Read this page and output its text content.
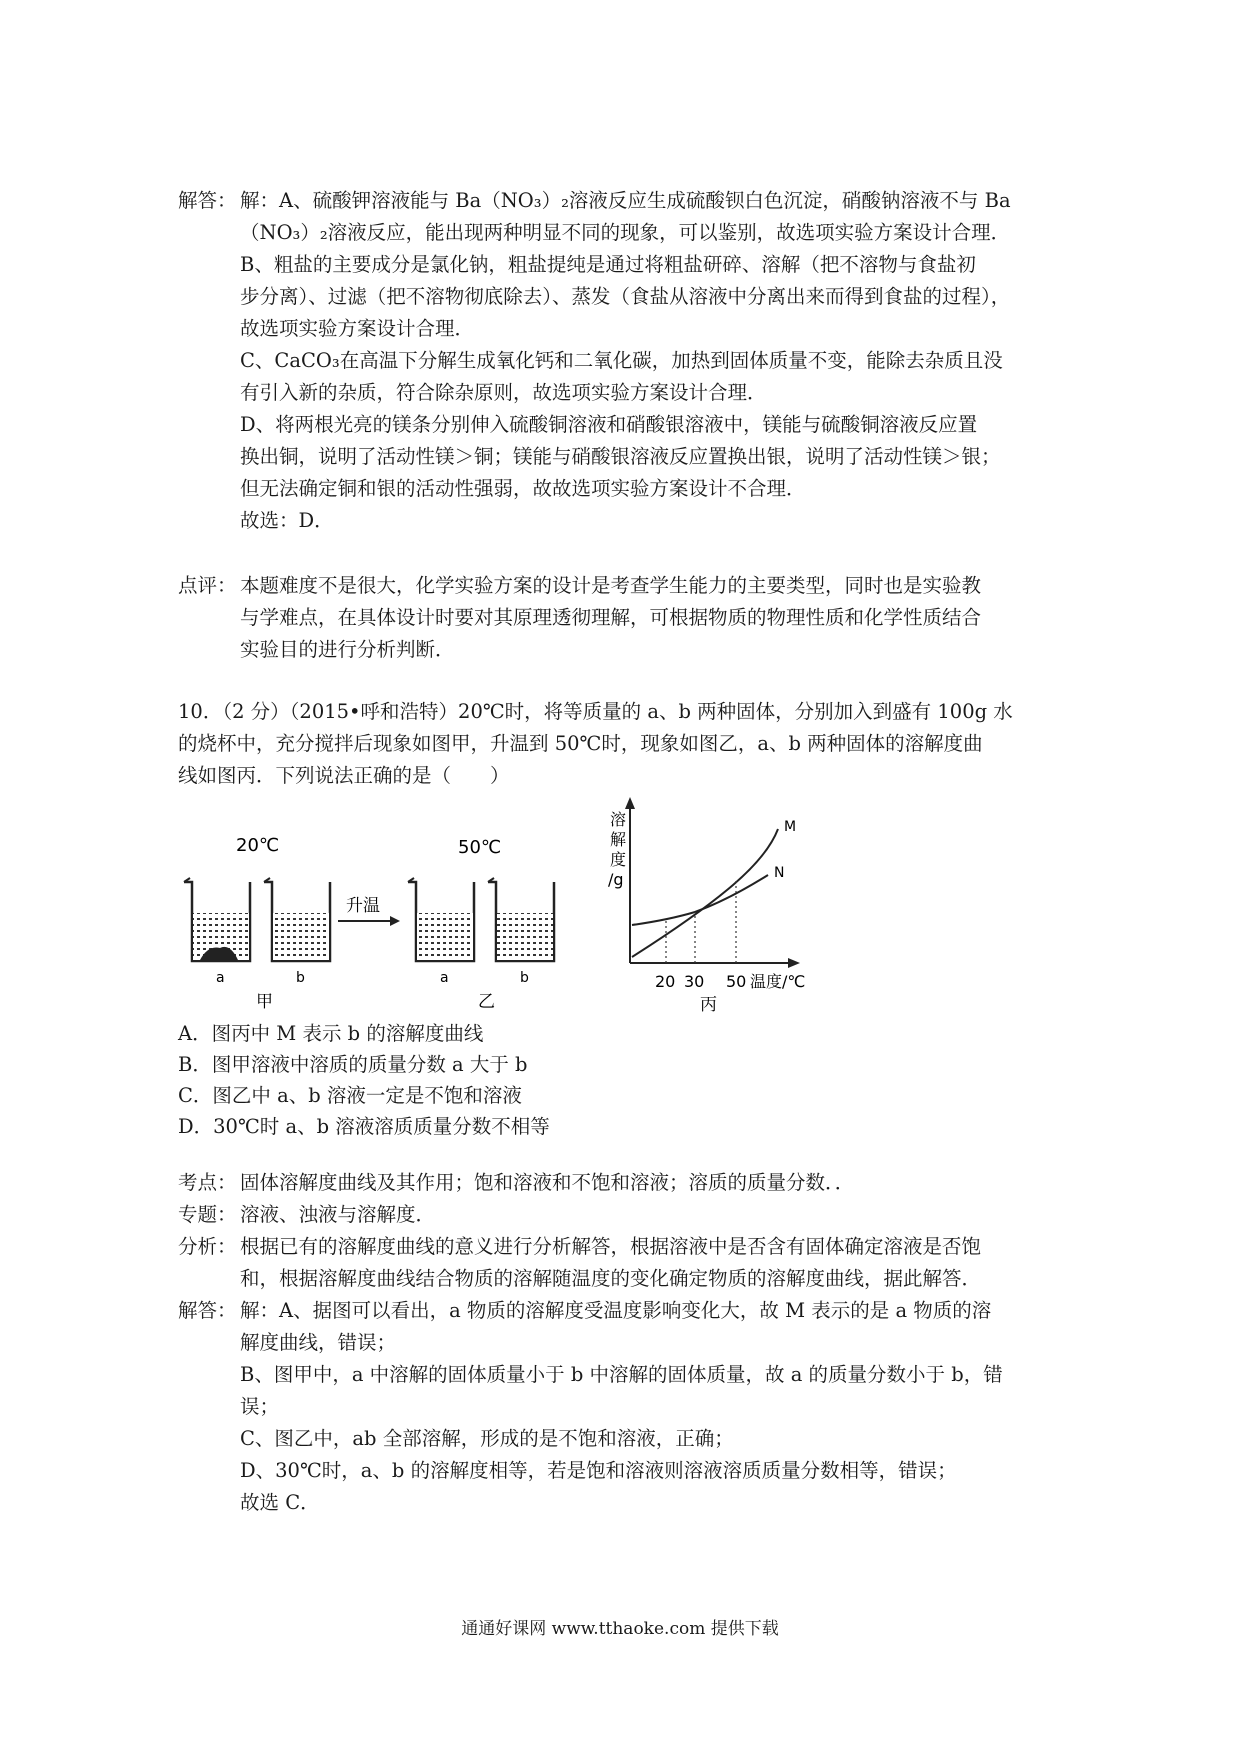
解答： 解：A、硫酸钾溶液能与 Ba（NO₃）₂溶液反应生成硫酸钡白色沉淀，硝酸钠溶液不与 Ba
（NO₃）₂溶液反应，能出现两种明显不同的现象，可以鉴别，故选项实验方案设计合理．
B、粗盐的主要成分是氯化钠，粗盐提纯是通过将粗盐研碎、溶解（把不溶物与食盐初
步分离）、过滤（把不溶物彻底除去）、蒸发（食盐从溶液中分离出来而得到食盐的过程），
故选项实验方案设计合理．
C、CaCO₃在高温下分解生成氧化钙和二氧化碳，加热到固体质量不变，能除去杂质且没
有引入新的杂质，符合除杂原则，故选项实验方案设计合理．
D、将两根光亮的镁条分别伸入硫酸铜溶液和硝酸银溶液中，镁能与硫酸铜溶液反应置
换出铜，说明了活动性镁＞铜；镁能与硝酸银溶液反应置换出银，说明了活动性镁＞银；
但无法确定铜和银的活动性强弱，故故选项实验方案设计不合理．
故选：D．
点评： 本题难度不是很大，化学实验方案的设计是考查学生能力的主要类型，同时也是实验教
与学难点，在具体设计时要对其原理透彻理解，可根据物质的物理性质和化学性质结合
实验目的进行分析判断．
10．（2 分）（2015•呼和浩特）20℃时，将等质量的 a、b 两种固体，分别加入到盛有 100g 水
的烧杯中，充分搅拌后现象如图甲，升温到 50℃时，现象如图乙，a、b 两种固体的溶解度曲
线如图丙．下列说法正确的是（　　）
20℃	50℃
升温
a	b	a	b
甲	乙
溶
解
度
/g
M
N
20 30 50 温度/℃
丙
A．图丙中 M 表示 b 的溶解度曲线
B．图甲溶液中溶质的质量分数 a 大于 b
C．图乙中 a、b 溶液一定是不饱和溶液
D．30℃时 a、b 溶液溶质质量分数不相等
考点： 固体溶解度曲线及其作用；饱和溶液和不饱和溶液；溶质的质量分数．．
专题： 溶液、浊液与溶解度．
分析： 根据已有的溶解度曲线的意义进行分析解答，根据溶液中是否含有固体确定溶液是否饱
和，根据溶解度曲线结合物质的溶解随温度的变化确定物质的溶解度曲线，据此解答．
解答： 解：A、据图可以看出，a 物质的溶解度受温度影响变化大，故 M 表示的是 a 物质的溶
解度曲线，错误；
B、图甲中，a 中溶解的固体质量小于 b 中溶解的固体质量，故 a 的质量分数小于 b，错
误；
C、图乙中，ab 全部溶解，形成的是不饱和溶液，正确；
D、30℃时，a、b 的溶解度相等，若是饱和溶液则溶液溶质质量分数相等，错误；
故选 C．
通通好课网 www.tthaoke.com 提供下载
